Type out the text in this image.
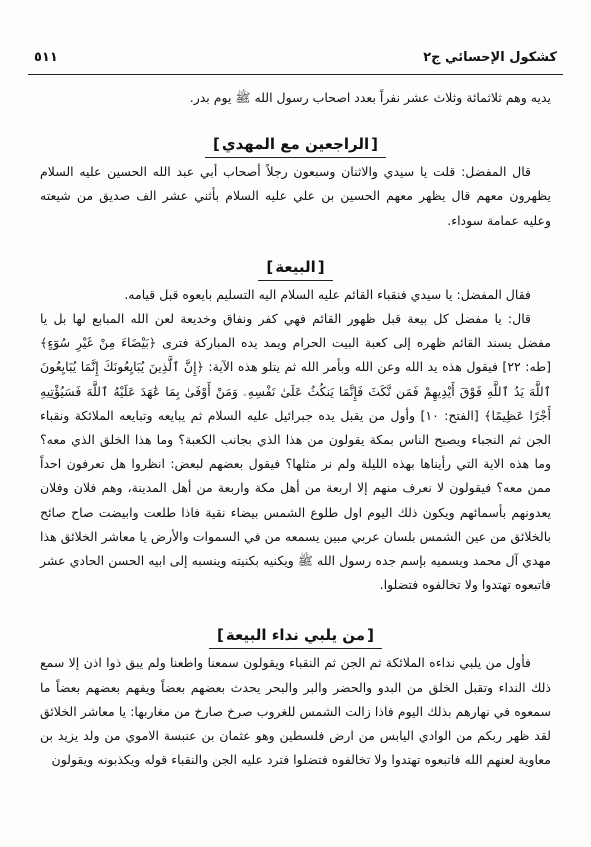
كشكول الإحسائي ج٢
٥١١

يديه وهم ثلاثمائة وثلاث عشر نفراً بعدد اصحاب رسول الله ﷺ يوم بدر.

[ الراجعين مع المهدي ]

قال المفضل: قلت يا سيدي والاثنان وسبعون رجلاً أصحاب أبي عبد الله الحسين عليه السلام يظهرون معهم قال يظهر معهم الحسين بن علي عليه السلام بأثني عشر الف صديق من شيعته وعليه عمامة سوداء.

[ البيعة ]

فقال المفضل: يا سيدي فنقباء القائم عليه السلام اليه التسليم بايعوه قبل قيامه.

قال: يا مفضل كل بيعة قبل ظهور القائم فهي كفر ونفاق وخديعة لعن الله المبابع لها بل يا مفضل يسند القائم ظهره إلى كعبة البيت الحرام ويمد يده المباركة فترى ﴿بَيْضَاءَ مِنْ غَيْرِ سُوٓءٍ﴾ [طه: ٢٢] فيقول هذه يد الله وعن الله وبأمر الله ثم يتلو هذه الآية: ﴿إِنَّ ٱلَّذِينَ يُبَايِعُونَكَ إِنَّمَا يُبَايِعُونَ ٱللَّهَ يَدُ ٱللَّهِ فَوْقَ أَيْدِيهِمْ فَمَن نَّكَثَ فَإِنَّمَا يَنكُثُ عَلَىٰ نَفْسِهِۦ وَمَنْ أَوْفَىٰ بِمَا عَٰهَدَ عَلَيْهُ ٱللَّهَ فَسَيُؤْتِيهِ أَجْرًا عَظِيمًا﴾ [الفتح: ١٠] وأول من يقبل يده جبرائيل عليه السلام ثم يبايعه وتبايعه الملائكة ونقباء الجن ثم النجباء ويصبح الناس بمكة يقولون من هذا الذي بجانب الكعبة؟ وما هذا الخلق الذي معه؟ وما هذه الاية التي رأيناها بهذه الليلة ولم نر مثلها؟ فيقول بعضهم لبعض: انظروا هل تعرفون احداً ممن معه؟ فيقولون لا نعرف منهم إلا اربعة من أهل مكة واربعة من أهل المدينة، وهم فلان وفلان يعدونهم بأسمائهم ويكون ذلك اليوم اول طلوع الشمس بيضاء نقية فاذا طلعت وابيضت صاح صائح بالخلائق من عين الشمس بلسان عربي مبين يسمعه من في السموات والأرض يا معاشر الخلائق هذا مهدي آل محمد ويسميه بإسم جده رسول الله ﷺ ويكنيه بكنيته وينسبه إلى ابيه الحسن الحادي عشر فاتبعوه تهتدوا ولا تخالفوه فتضلوا.

[ من يلبي نداء البيعة ]

فأول من يلبي نداءه الملائكة ثم الجن ثم النقباء ويقولون سمعنا واطعنا ولم يبق ذوا اذن إلا سمع ذلك النداء وتقبل الخلق من البدو والحضر والبر والبحر يحدث بعضهم بعضاً ويفهم بعضهم بعضاً ما سمعوه في نهارهم بذلك اليوم فاذا زالت الشمس للغروب صرخ صارخ من مغاربها: يا معاشر الخلائق لقد ظهر ربكم من الوادي اليابس من ارض فلسطين وهو عثمان بن عنبسة الاموي من ولد يزيد بن معاوية لعنهم الله فاتبعوه تهتدوا ولا تخالفوه فتضلوا فترد عليه الجن والنقباء قوله ويكذبونه ويقولون
